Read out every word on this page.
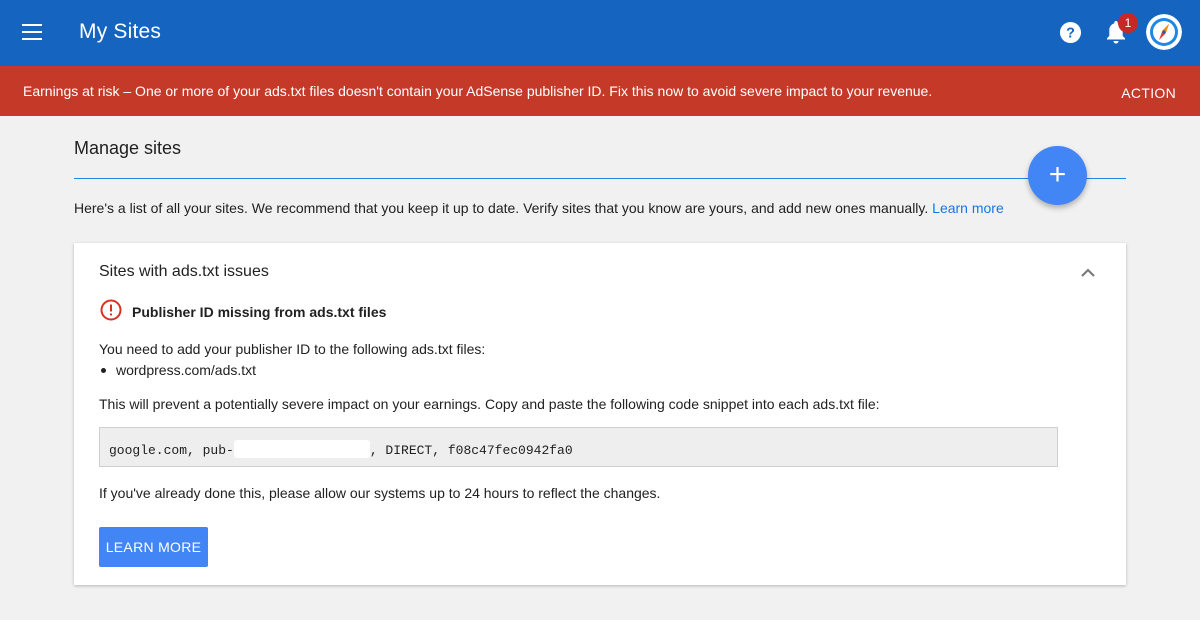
My Sites	?
1
Earnings at risk – One or more of your ads.txt files doesn't contain your AdSense publisher ID. Fix this now to avoid severe impact to your revenue.	ACTION
Manage sites
+
Here's a list of all your sites. We recommend that you keep it up to date. Verify sites that you know are yours, and add new ones manually. Learn more
Sites with ads.txt issues
Publisher ID missing from ads.txt files
You need to add your publisher ID to the following ads.txt files:
wordpress.com/ads.txt
This will prevent a potentially severe impact on your earnings. Copy and paste the following code snippet into each ads.txt file:
google.com, pub-	, DIRECT, f08c47fec0942fa0
If you've already done this, please allow our systems up to 24 hours to reflect the changes.
LEARN MORE
